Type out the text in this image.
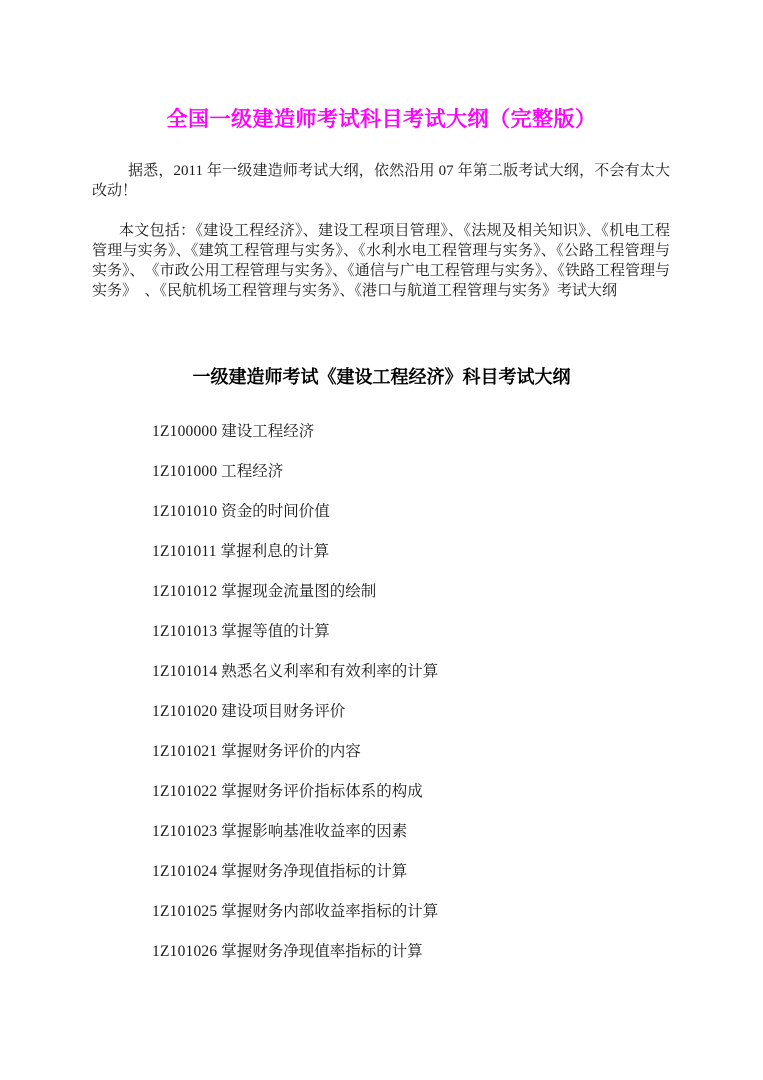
全国一级建造师考试科目考试大纲（完整版）

据悉，2011 年一级建造师考试大纲，依然沿用 07 年第二版考试大纲，不会有太大改动！

本文包括：《建设工程经济》、建设工程项目管理》、《法规及相关知识》、《机电工程管理与实务》、《建筑工程管理与实务》、《水利水电工程管理与实务》、《公路工程管理与实务》、　《市政公用工程管理与实务》、《通信与广电工程管理与实务》、《铁路工程管理与实务》　、《民航机场工程管理与实务》、《港口与航道工程管理与实务》考试大纲

一级建造师考试《建设工程经济》科目考试大纲
1Z100000 建设工程经济
1Z101000 工程经济
1Z101010 资金的时间价值
1Z101011 掌握利息的计算
1Z101012 掌握现金流量图的绘制
1Z101013 掌握等值的计算
1Z101014 熟悉名义利率和有效利率的计算
1Z101020 建设项目财务评价
1Z101021 掌握财务评价的内容
1Z101022 掌握财务评价指标体系的构成
1Z101023 掌握影响基准收益率的因素
1Z101024 掌握财务净现值指标的计算
1Z101025 掌握财务内部收益率指标的计算
1Z101026 掌握财务净现值率指标的计算
